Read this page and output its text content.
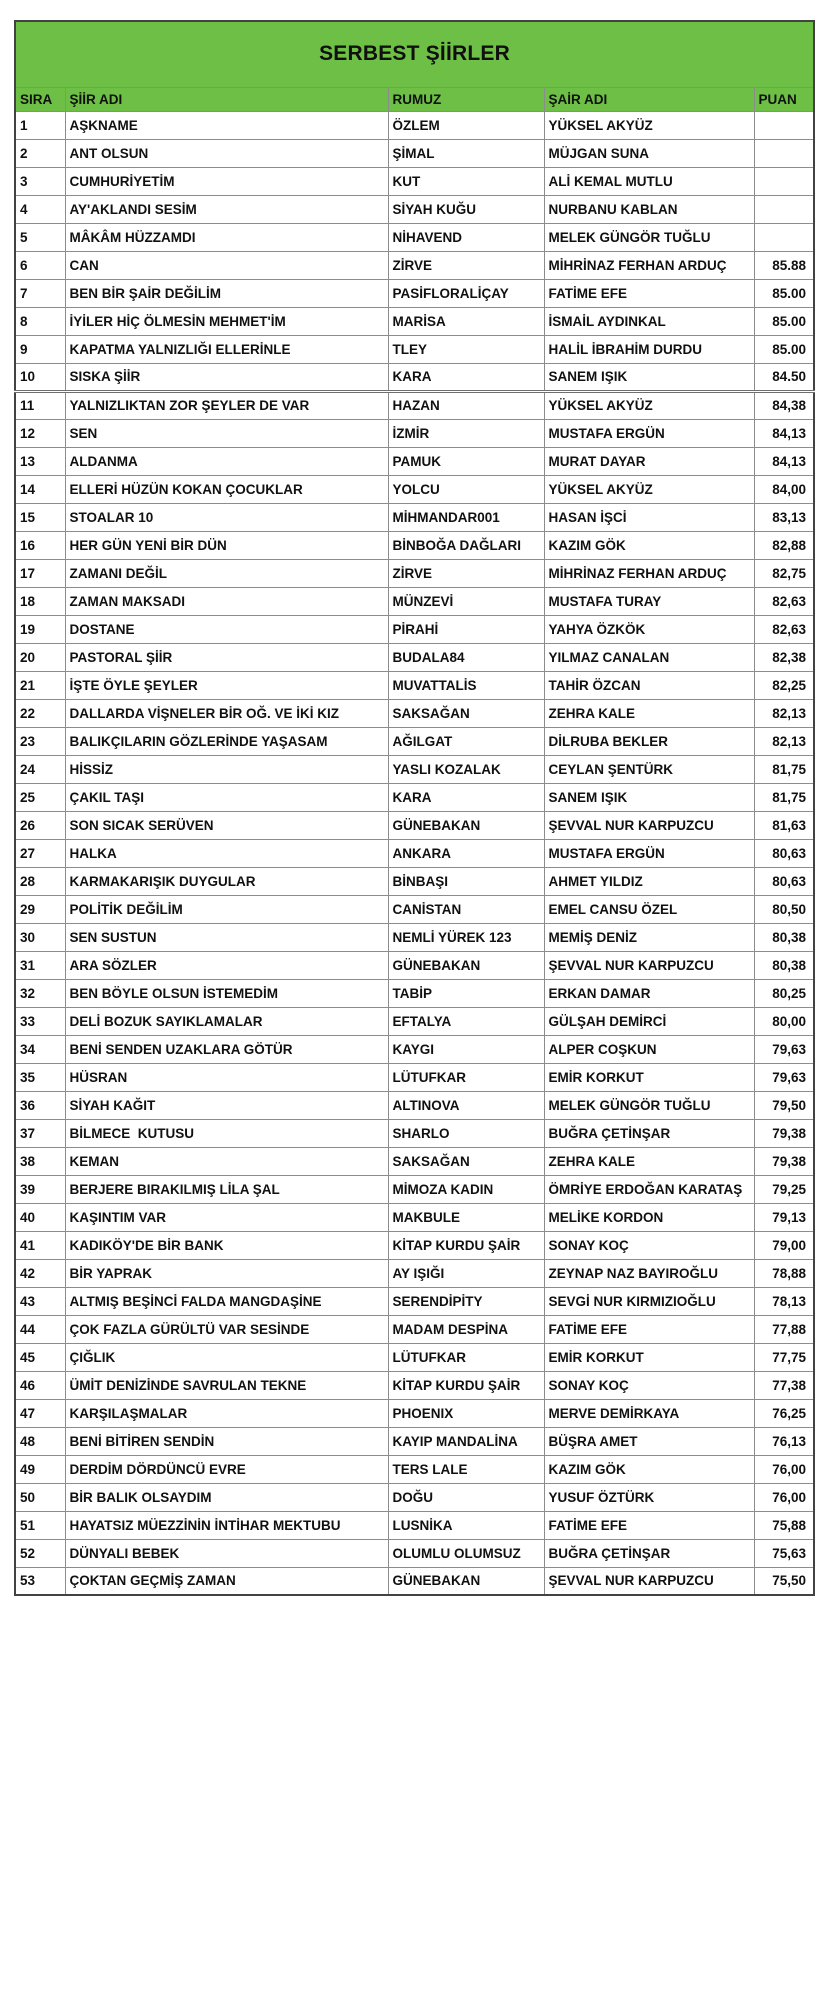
SERBEST ŞİİRLER				
SIRA	ŞİİR ADI	RUMUZ	ŞAİR ADI	PUAN
1	AŞKNAME	ÖZLEM	YÜKSEL AKYÜZ	
2	ANT OLSUN	ŞİMAL	MÜJGAN SUNA	
3	CUMHURİYETİM	KUT	ALİ KEMAL MUTLU	
4	AY'AKLANDI SESİM	SİYAH KUĞU	NURBANU KABLAN	
5	MÂKÂM HÜZZAMDI	NİHAVEND	MELEK GÜNGÖR TUĞLU	
6	CAN	ZİRVE	MİHRİNAZ FERHAN ARDUÇ	85.88
7	BEN BİR ŞAİR DEĞİLİM	PASİFLORALİÇAY	FATİME EFE	85.00
8	İYİLER HİÇ ÖLMESİN MEHMET'İM	MARİSA	İSMAİL AYDINKAL	85.00
9	KAPATMA YALNIZLIĞI ELLERİNLE	TLEY	HALİL İBRAHİM DURDU	85.00
10	SISKA ŞİİR	KARA	SANEM IŞIK	84.50
11	YALNIZLIKTAN ZOR ŞEYLER DE VAR	HAZAN	YÜKSEL AKYÜZ	84,38
12	SEN	İZMİR	MUSTAFA ERGÜN	84,13
13	ALDANMA	PAMUK	MURAT DAYAR	84,13
14	ELLERİ HÜZÜN KOKAN ÇOCUKLAR	YOLCU	YÜKSEL AKYÜZ	84,00
15	STOALAR 10	MİHMANDAR001	HASAN İŞCİ	83,13
16	HER GÜN YENİ BİR DÜN	BİNBOĞA DAĞLARI	KAZIM GÖK	82,88
17	ZAMANI DEĞİL	ZİRVE	MİHRİNAZ FERHAN ARDUÇ	82,75
18	ZAMAN MAKSADI	MÜNZEVİ	MUSTAFA TURAY	82,63
19	DOSTANE	PİRAHİ	YAHYA ÖZKÖK	82,63
20	PASTORAL ŞİİR	BUDALA84	YILMAZ CANALAN	82,38
21	İŞTE ÖYLE ŞEYLER	MUVATTALİS	TAHİR ÖZCAN	82,25
22	DALLARDA VİŞNELER BİR OĞ. VE İKİ KIZ	SAKSAĞAN	ZEHRA KALE	82,13
23	BALIKÇILARIN GÖZLERİNDE YAŞASAM	AĞILGAT	DİLRUBA BEKLER	82,13
24	HİSSİZ	YASLI KOZALAK	CEYLAN ŞENTÜRK	81,75
25	ÇAKIL TAŞI	KARA	SANEM IŞIK	81,75
26	SON SICAK SERÜVEN	GÜNEBAKAN	ŞEVVAL NUR KARPUZCU	81,63
27	HALKA	ANKARA	MUSTAFA ERGÜN	80,63
28	KARMAKARIŞIK DUYGULAR	BİNBAŞI	AHMET YILDIZ	80,63
29	POLİTİK DEĞİLİM	CANİSTAN	EMEL CANSU ÖZEL	80,50
30	SEN SUSTUN	NEMLİ YÜREK 123	MEMİŞ DENİZ	80,38
31	ARA SÖZLER	GÜNEBAKAN	ŞEVVAL NUR KARPUZCU	80,38
32	BEN BÖYLE OLSUN İSTEMEDİM	TABİP	ERKAN DAMAR	80,25
33	DELİ BOZUK SAYIKLAMALAR	EFTALYA	GÜLŞAH DEMİRCİ	80,00
34	BENİ SENDEN UZAKLARA GÖTÜR	KAYGI	ALPER COŞKUN	79,63
35	HÜSRAN	LÜTUFKAR	EMİR KORKUT	79,63
36	SİYAH KAĞIT	ALTINOVA	MELEK GÜNGÖR TUĞLU	79,50
37	BİLMECE  KUTUSU	SHARLO	BUĞRA ÇETİNŞAR	79,38
38	KEMAN	SAKSAĞAN	ZEHRA KALE	79,38
39	BERJERE BIRAKILMIŞ LİLA ŞAL	MİMOZA KADIN	ÖMRİYE ERDOĞAN KARATAŞ	79,25
40	KAŞINTIM VAR	MAKBULE	MELİKE KORDON	79,13
41	KADIKÖY'DE BİR BANK	KİTAP KURDU ŞAİR	SONAY KOÇ	79,00
42	BİR YAPRAK	AY IŞIĞI	ZEYNAP NAZ BAYIROĞLU	78,88
43	ALTMIŞ BEŞİNCİ FALDA MANGDAŞİNE	SERENDİPİTY	SEVGİ NUR KIRMIZIOĞLU	78,13
44	ÇOK FAZLA GÜRÜLTÜ VAR SESİNDE	MADAM DESPİNA	FATİME EFE	77,88
45	ÇIĞLIK	LÜTUFKAR	EMİR KORKUT	77,75
46	ÜMİT DENİZİNDE SAVRULAN TEKNE	KİTAP KURDU ŞAİR	SONAY KOÇ	77,38
47	KARŞILAŞMALAR	PHOENIX	MERVE DEMİRKAYA	76,25
48	BENİ BİTİREN SENDİN	KAYIP MANDALİNA	BÜŞRA AMET	76,13
49	DERDİM DÖRDÜNCÜ EVRE	TERS LALE	KAZIM GÖK	76,00
50	BİR BALIK OLSAYDIM	DOĞU	YUSUF ÖZTÜRK	76,00
51	HAYATSIZ MÜEZZİNİN İNTİHAR MEKTUBU	LUSNİKA	FATİME EFE	75,88
52	DÜNYALI BEBEK	OLUMLU OLUMSUZ	BUĞRA ÇETİNŞAR	75,63
53	ÇOKTAN GEÇMİŞ ZAMAN	GÜNEBAKAN	ŞEVVAL NUR KARPUZCU	75,50
